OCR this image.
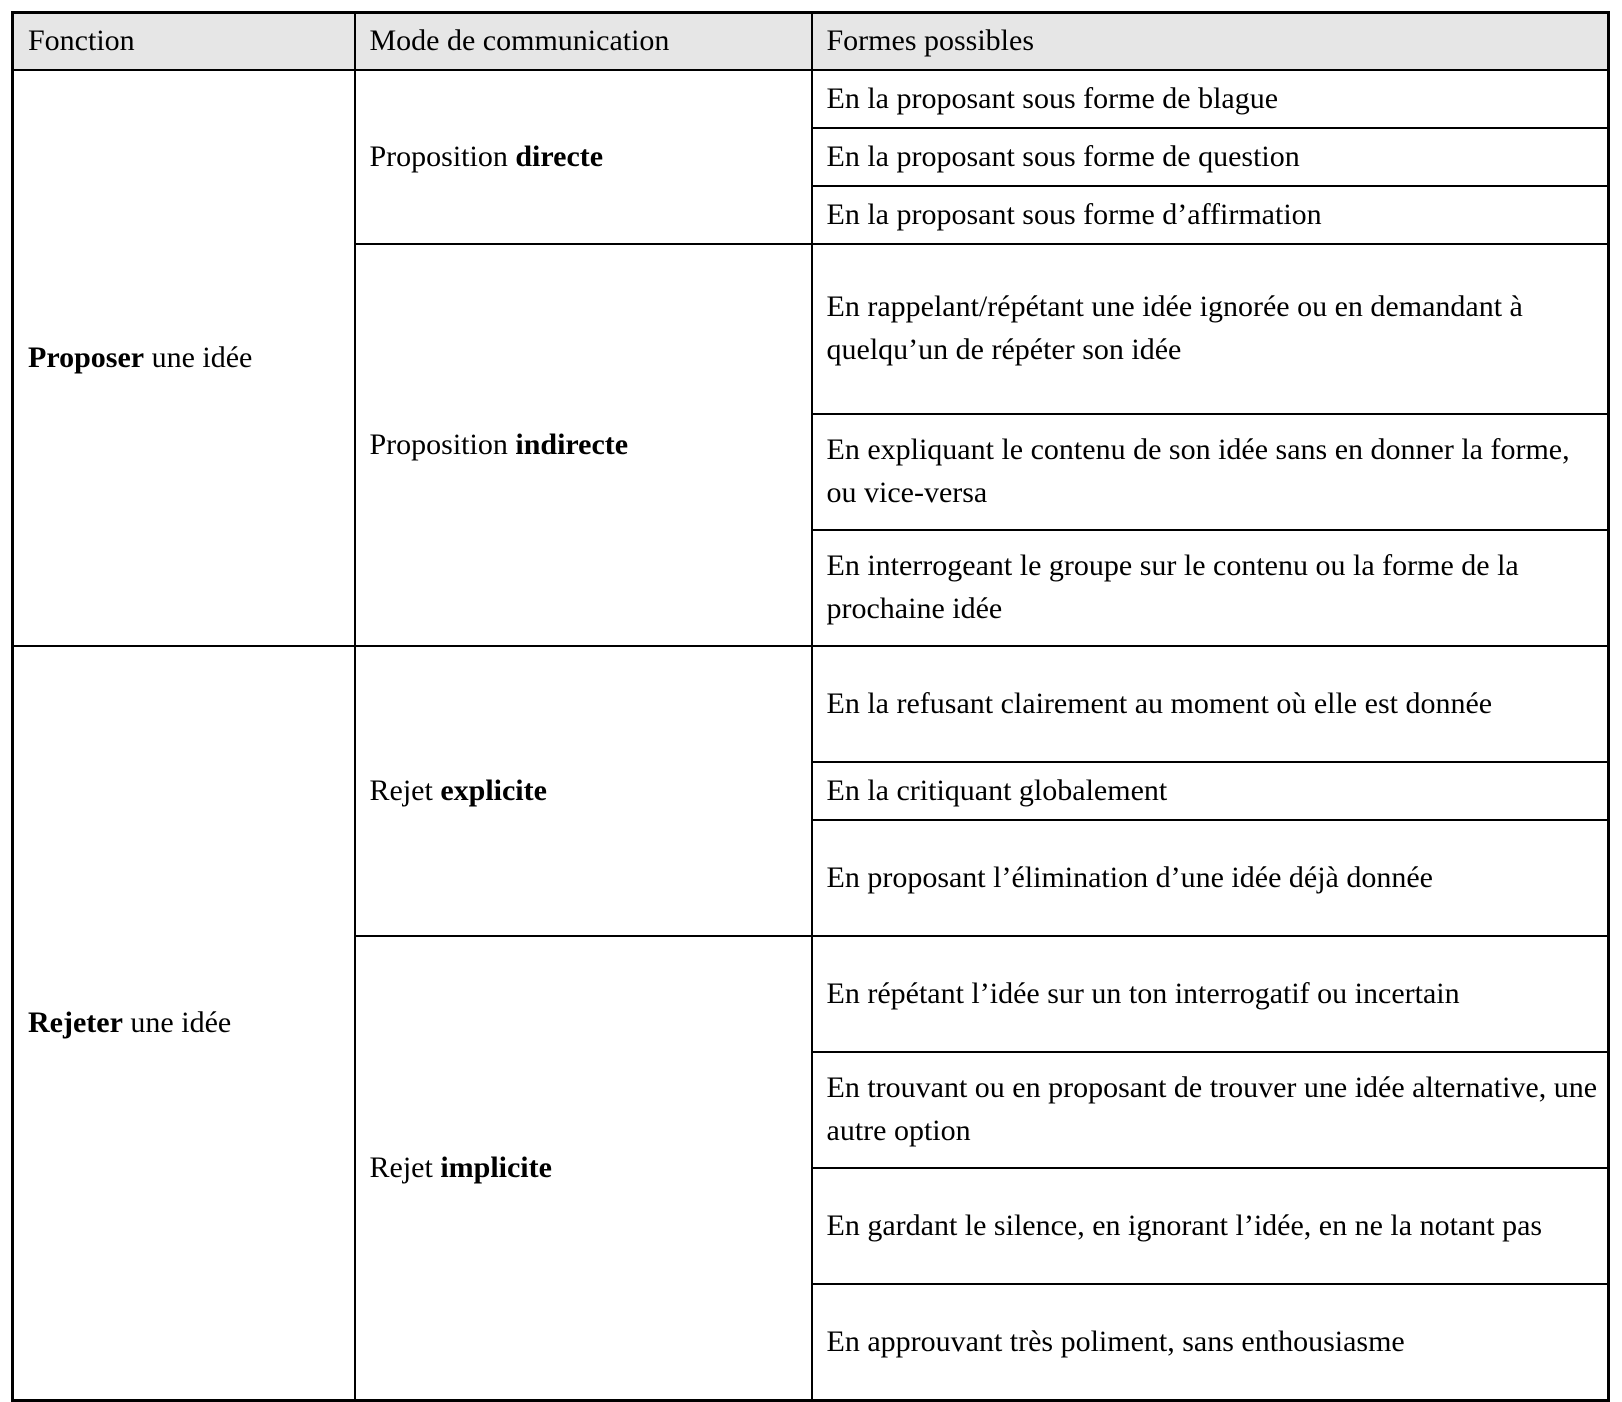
Fonction	Mode de communication	Formes possibles
Proposer une idée	Proposition directe	En la proposant sous forme de blague
		En la proposant sous forme de question
		En la proposant sous forme d’affirmation
	Proposition indirecte	En rappelant/répétant une idée ignorée ou en demandant à quelqu’un de répéter son idée
		En expliquant le contenu de son idée sans en donner la forme, ou vice-versa
		En interrogeant le groupe sur le contenu ou la forme de la prochaine idée
Rejeter une idée	Rejet explicite	En la refusant clairement au moment où elle est donnée
		En la critiquant globalement
		En proposant l’élimination d’une idée déjà donnée
	Rejet implicite	En répétant l’idée sur un ton interrogatif ou incertain
		En trouvant ou en proposant de trouver une idée alternative, une autre option
		En gardant le silence, en ignorant l’idée, en ne la notant pas
		En approuvant très poliment, sans enthousiasme
